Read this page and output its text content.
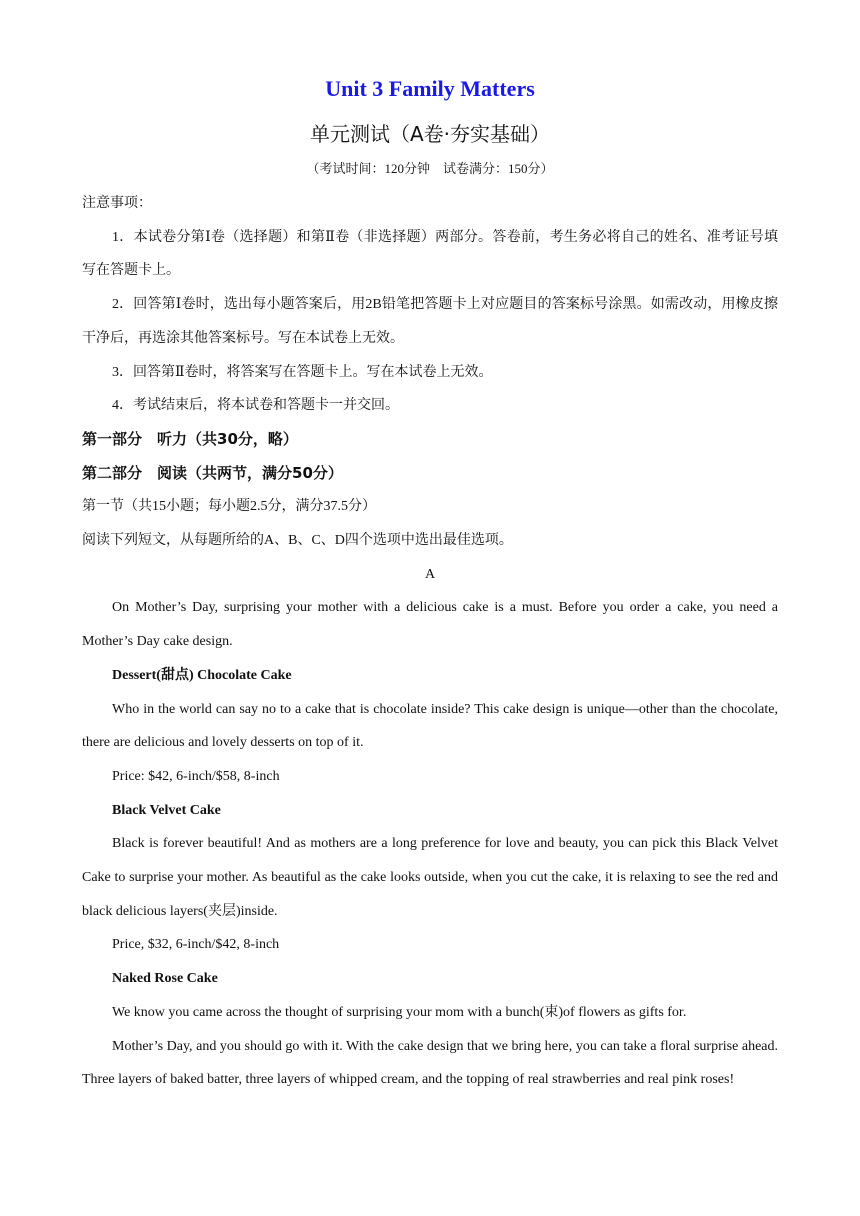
Unit 3 Family Matters
单元测试（A卷·夯实基础）
（考试时间：120分钟　试卷满分：150分）

注意事项：

1．本试卷分第Ⅰ卷（选择题）和第Ⅱ卷（非选择题）两部分。答卷前，考生务必将自己的姓名、准考证号填写在答题卡上。

2．回答第Ⅰ卷时，选出每小题答案后，用2B铅笔把答题卡上对应题目的答案标号涂黑。如需改动，用橡皮擦干净后，再选涂其他答案标号。写在本试卷上无效。

3．回答第Ⅱ卷时，将答案写在答题卡上。写在本试卷上无效。

4．考试结束后，将本试卷和答题卡一并交回。

第一部分　听力（共30分，略）

第二部分　阅读（共两节，满分50分）

第一节（共15小题；每小题2.5分，满分37.5分）

阅读下列短文，从每题所给的A、B、C、D四个选项中选出最佳选项。

A

On Mother’s Day, surprising your mother with a delicious cake is a must. Before you order a cake, you need a Mother’s Day cake design.

Dessert(甜点) Chocolate Cake

Who in the world can say no to a cake that is chocolate inside? This cake design is unique—other than the chocolate, there are delicious and lovely desserts on top of it.

Price: $42, 6-inch/$58, 8-inch

Black Velvet Cake

Black is forever beautiful! And as mothers are a long preference for love and beauty, you can pick this Black Velvet Cake to surprise your mother. As beautiful as the cake looks outside, when you cut the cake, it is relaxing to see the red and black delicious layers(夹层)inside.

Price, $32, 6-inch/$42, 8-inch

Naked Rose Cake

We know you came across the thought of surprising your mom with a bunch(束)of flowers as gifts for.

Mother’s Day, and you should go with it. With the cake design that we bring here, you can take a floral surprise ahead. Three layers of baked batter, three layers of whipped cream, and the topping of real strawberries and real pink roses!
